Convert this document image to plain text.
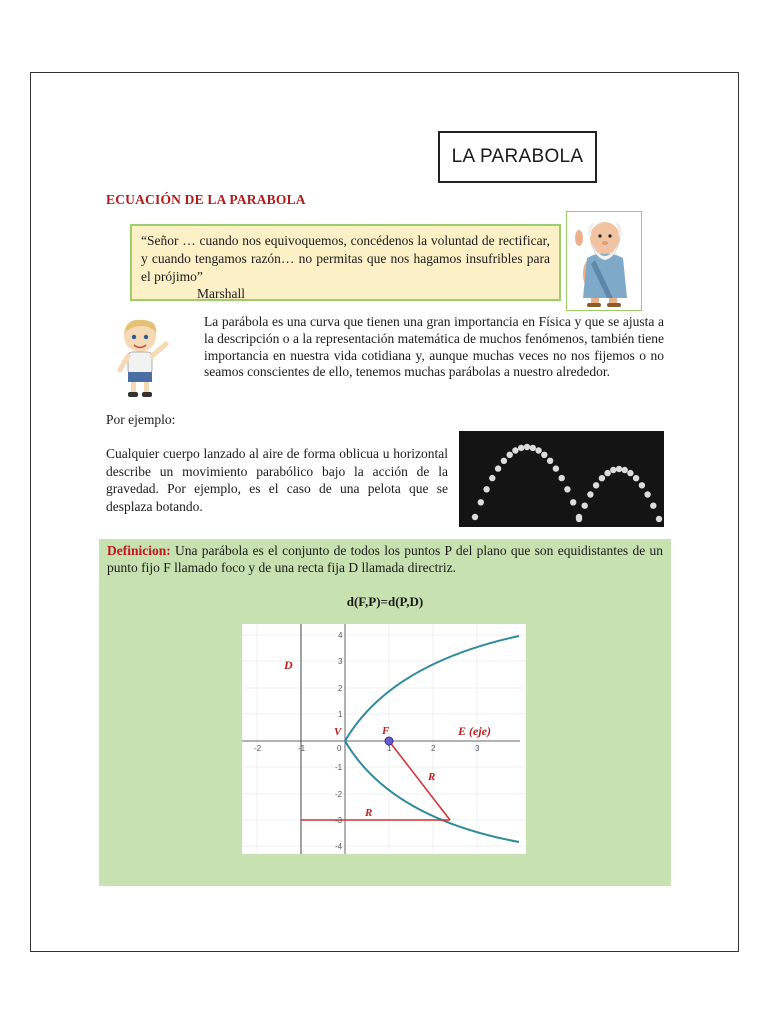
LA PARABOLA
ECUACIÓN DE LA PARABOLA
“Señor … cuando nos equivoquemos, concédenos la voluntad de rectificar, y cuando tengamos razón… no permitas que nos hagamos insufribles para el prójimo”
Marshall
La parábola es una curva que tienen una gran importancia en Física y que se ajusta a la descripción o a la representación matemática de muchos fenómenos, también tiene importancia en nuestra vida cotidiana y, aunque muchas veces no nos fijemos o no seamos conscientes de ello, tenemos muchas parábolas a nuestro alrededor.
Por ejemplo:
Cualquier cuerpo lanzado al aire de forma oblicua u horizontal describe un movimiento parabólico bajo la acción de la gravedad. Por ejemplo, es el caso de una pelota que se desplaza botando.
Definicion: Una parábola es el conjunto de todos los puntos P del plano que son equidistantes de un punto fijo F llamado foco y de una recta fija D llamada directriz.
d(F,P)=d(P,D)
-2	-1	0	1	2	3
4
3
2
1
-1
-2
-3
-4
D
V	F	E (eje)
R
R
